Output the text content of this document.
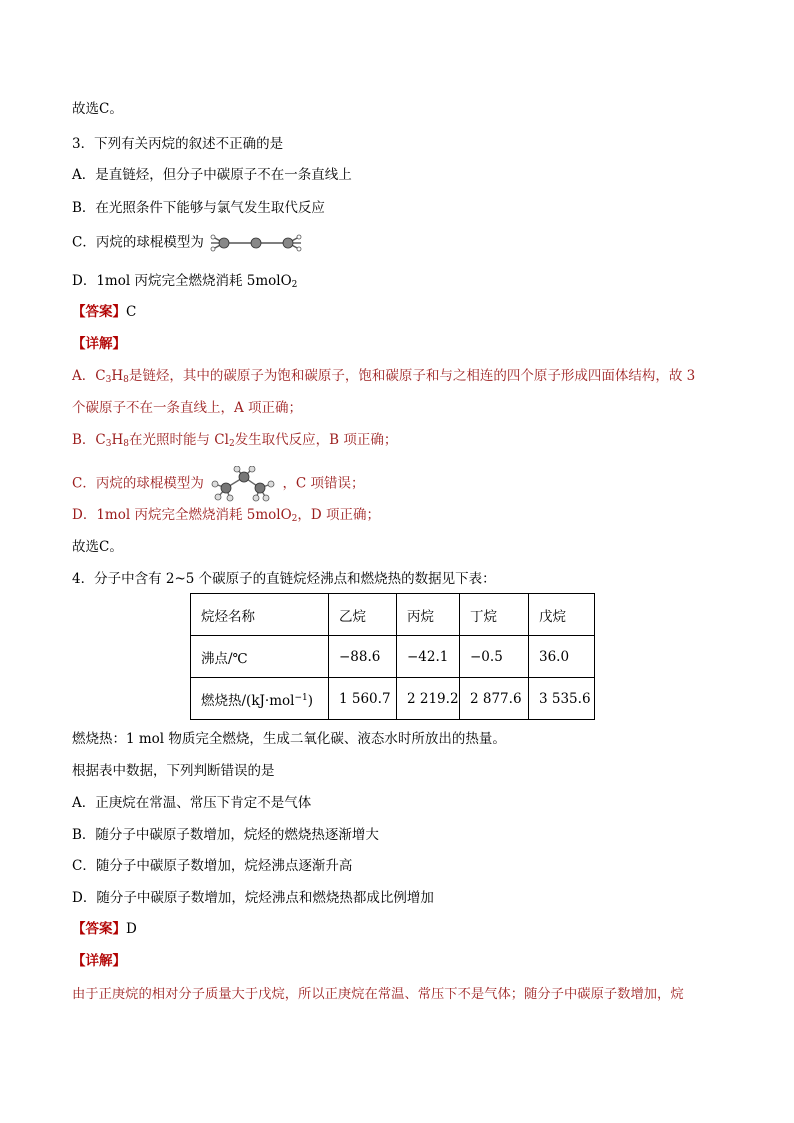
故选C。
3．下列有关丙烷的叙述不正确的是
A．是直链烃，但分子中碳原子不在一条直线上
B．在光照条件下能够与氯气发生取代反应
C．丙烷的球棍模型为
D．1mol 丙烷完全燃烧消耗 5molO$_2$
【答案】C
【详解】
A．$C_3H_8$是链烃，其中的碳原子为饱和碳原子，饱和碳原子和与之相连的四个原子形成四面体结构，故 3
个碳原子不在一条直线上，A 项正确；
B．$C_3H_8$在光照时能与 $Cl_2$发生取代反应，B 项正确；
C．丙烷的球棍模型为	，C 项错误；
D．1mol 丙烷完全燃烧消耗 5molO$_2$，D 项正确；
故选C。
4．分子中含有 2~5 个碳原子的直链烷烃沸点和燃烧热的数据见下表：
烷烃名称	乙烷	丙烷	丁烷	戊烷
沸点/℃	−88.6	−42.1	−0.5	36.0
燃烧热/(kJ·mol$^{-1}$)	1 560.7	2 219.2	2 877.6	3 535.6
燃烧热：1 mol 物质完全燃烧，生成二氧化碳、液态水时所放出的热量。
根据表中数据，下列判断错误的是
A．正庚烷在常温、常压下肯定不是气体
B．随分子中碳原子数增加，烷烃的燃烧热逐渐增大
C．随分子中碳原子数增加，烷烃沸点逐渐升高
D．随分子中碳原子数增加，烷烃沸点和燃烧热都成比例增加
【答案】D
【详解】
由于正庚烷的相对分子质量大于戊烷，所以正庚烷在常温、常压下不是气体；随分子中碳原子数增加，烷
